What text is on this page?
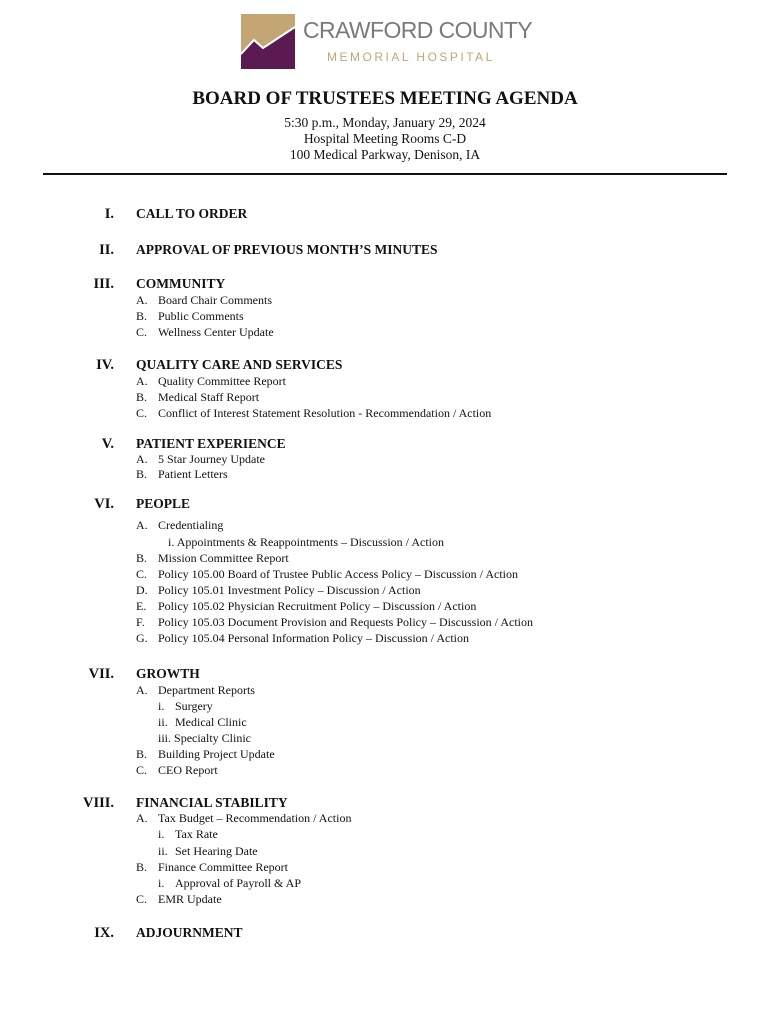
CRAWFORD COUNTY
MEMORIAL HOSPITAL
BOARD OF TRUSTEES MEETING AGENDA
5:30 p.m., Monday, January 29, 2024
Hospital Meeting Rooms C-D
100 Medical Parkway, Denison, IA
I. CALL TO ORDER
II. APPROVAL OF PREVIOUS MONTH’S MINUTES
III. COMMUNITY
A. Board Chair Comments
B. Public Comments
C. Wellness Center Update
IV. QUALITY CARE AND SERVICES
A. Quality Committee Report
B. Medical Staff Report
C. Conflict of Interest Statement Resolution - Recommendation / Action
V. PATIENT EXPERIENCE
A. 5 Star Journey Update
B. Patient Letters
VI. PEOPLE
A. Credentialing
i. Appointments & Reappointments – Discussion / Action
B. Mission Committee Report
C. Policy 105.00 Board of Trustee Public Access Policy – Discussion / Action
D. Policy 105.01 Investment Policy – Discussion / Action
E. Policy 105.02 Physician Recruitment Policy – Discussion / Action
F. Policy 105.03 Document Provision and Requests Policy – Discussion / Action
G. Policy 105.04 Personal Information Policy – Discussion / Action
VII. GROWTH
A. Department Reports
i. Surgery
ii. Medical Clinic
iii. Specialty Clinic
B. Building Project Update
C. CEO Report
VIII. FINANCIAL STABILITY
A. Tax Budget – Recommendation / Action
i. Tax Rate
ii. Set Hearing Date
B. Finance Committee Report
i. Approval of Payroll & AP
C. EMR Update
IX. ADJOURNMENT
